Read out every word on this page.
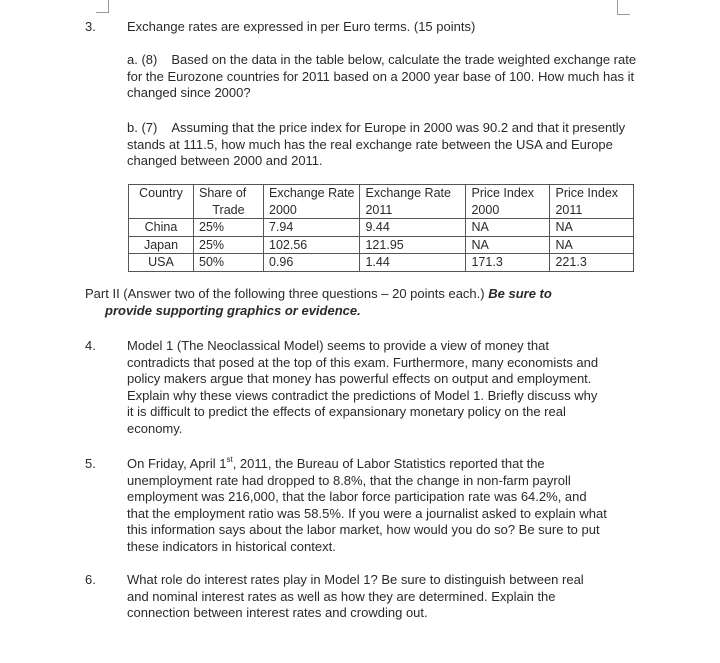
3.	Exchange rates are expressed in per Euro terms. (15 points)
a. (8) Based on the data in the table below, calculate the trade weighted exchange rate for the Eurozone countries for 2011 based on a 2000 year base of 100. How much has it changed since 2000?
b. (7) Assuming that the price index for Europe in 2000 was 90.2 and that it presently stands at 111.5, how much has the real exchange rate between the USA and Europe changed between 2000 and 2011.
Country	Share of	Exchange Rate	Exchange Rate	Price Index	Price Index
	Trade	2000	2011	2000	2011
China	25%	7.94	9.44	NA	NA
Japan	25%	102.56	121.95	NA	NA
USA	50%	0.96	1.44	171.3	221.3
Part II (Answer two of the following three questions – 20 points each.) Be sure to
provide supporting graphics or evidence.
4.	Model 1 (The Neoclassical Model) seems to provide a view of money that contradicts that posed at the top of this exam. Furthermore, many economists and policy makers argue that money has powerful effects on output and employment. Explain why these views contradict the predictions of Model 1. Briefly discuss why it is difficult to predict the effects of expansionary monetary policy on the real economy.
5.	On Friday, April 1st, 2011, the Bureau of Labor Statistics reported that the unemployment rate had dropped to 8.8%, that the change in non-farm payroll employment was 216,000, that the labor force participation rate was 64.2%, and that the employment ratio was 58.5%. If you were a journalist asked to explain what this information says about the labor market, how would you do so? Be sure to put these indicators in historical context.
6.	What role do interest rates play in Model 1? Be sure to distinguish between real and nominal interest rates as well as how they are determined. Explain the connection between interest rates and crowding out.
